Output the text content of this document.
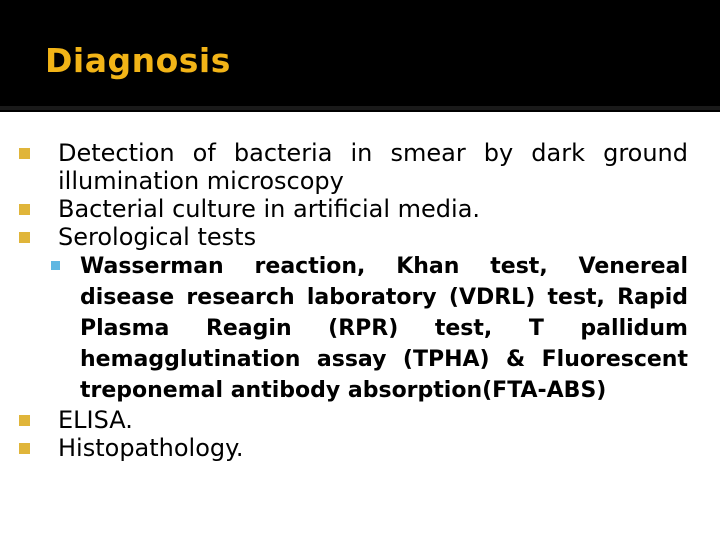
Diagnosis
Detection of bacteria in smear by dark ground illumination microscopy
Bacterial culture in artificial media.
Serological tests
Wasserman reaction, Khan test, Venereal disease research laboratory (VDRL) test, Rapid Plasma Reagin (RPR) test, T pallidum hemagglutination assay (TPHA) & Fluorescent treponemal antibody absorption(FTA-ABS)
ELISA.
Histopathology.
